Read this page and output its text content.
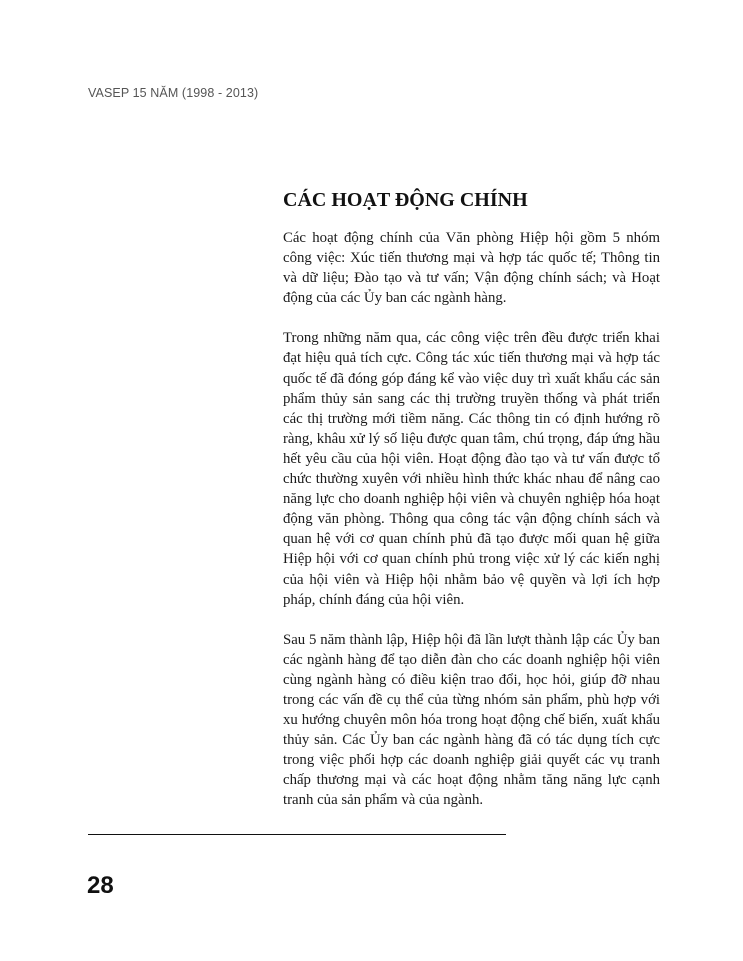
VASEP 15 NĂM (1998 - 2013)
CÁC HOẠT ĐỘNG CHÍNH

Các hoạt động chính của Văn phòng Hiệp hội gồm 5 nhóm công việc: Xúc tiến thương mại và hợp tác quốc tế; Thông tin và dữ liệu; Đào tạo và tư vấn; Vận động chính sách; và Hoạt động của các Ủy ban các ngành hàng.

Trong những năm qua, các công việc trên đều được triển khai đạt hiệu quả tích cực. Công tác xúc tiến thương mại và hợp tác quốc tế đã đóng góp đáng kể vào việc duy trì xuất khẩu các sản phẩm thủy sản sang các thị trường truyền thống và phát triển các thị trường mới tiềm năng. Các thông tin có định hướng rõ ràng, khâu xử lý số liệu được quan tâm, chú trọng, đáp ứng hầu hết yêu cầu của hội viên. Hoạt động đào tạo và tư vấn được tổ chức thường xuyên với nhiều hình thức khác nhau để nâng cao năng lực cho doanh nghiệp hội viên và chuyên nghiệp hóa hoạt động văn phòng. Thông qua công tác vận động chính sách và quan hệ với cơ quan chính phủ đã tạo được mối quan hệ giữa Hiệp hội với cơ quan chính phủ trong việc xử lý các kiến nghị của hội viên và Hiệp hội nhằm bảo vệ quyền và lợi ích hợp pháp, chính đáng của hội viên.

Sau 5 năm thành lập, Hiệp hội đã lần lượt thành lập các Ủy ban các ngành hàng để tạo diễn đàn cho các doanh nghiệp hội viên cùng ngành hàng có điều kiện trao đổi, học hỏi, giúp đỡ nhau trong các vấn đề cụ thể của từng nhóm sản phẩm, phù hợp với xu hướng chuyên môn hóa trong hoạt động chế biến, xuất khẩu thủy sản. Các Ủy ban các ngành hàng đã có tác dụng tích cực trong việc phối hợp các doanh nghiệp giải quyết các vụ tranh chấp thương mại và các hoạt động nhằm tăng năng lực cạnh tranh của sản phẩm và của ngành.

28
